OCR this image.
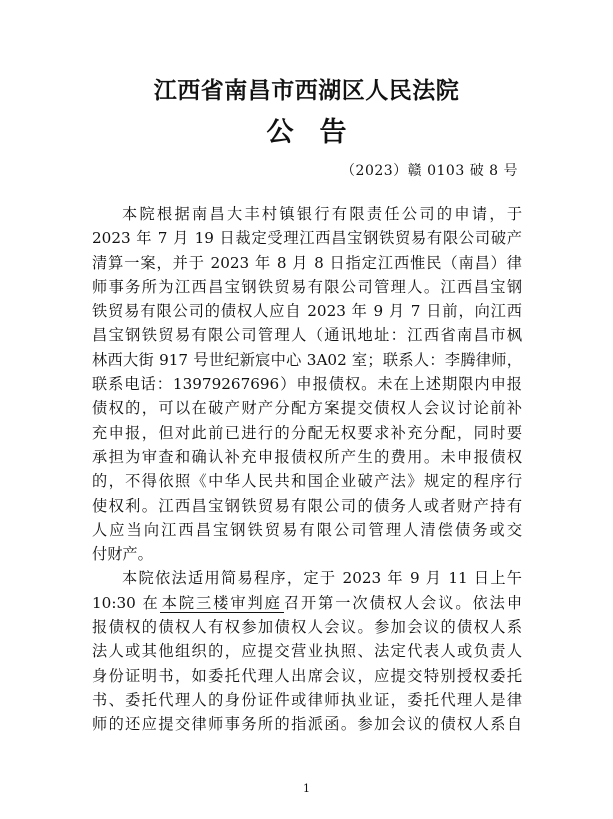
江西省南昌市西湖区人民法院
公告
（2023）赣 0103 破 8 号
本院根据南昌大丰村镇银行有限责任公司的申请，于
2023 年 7 月 19 日裁定受理江西昌宝钢铁贸易有限公司破产
清算一案，并于 2023 年 8 月 8 日指定江西惟民（南昌）律
师事务所为江西昌宝钢铁贸易有限公司管理人。江西昌宝钢
铁贸易有限公司的债权人应自 2023 年 9 月 7 日前，向江西
昌宝钢铁贸易有限公司管理人（通讯地址：江西省南昌市枫
林西大街 917 号世纪新宸中心 3A02 室；联系人：李腾律师，
联系电话：13979267696）申报债权。未在上述期限内申报
债权的，可以在破产财产分配方案提交债权人会议讨论前补
充申报，但对此前已进行的分配无权要求补充分配，同时要
承担为审查和确认补充申报债权所产生的费用。未申报债权
的，不得依照《中华人民共和国企业破产法》规定的程序行
使权利。江西昌宝钢铁贸易有限公司的债务人或者财产持有
人应当向江西昌宝钢铁贸易有限公司管理人清偿债务或交
付财产。
本院依法适用简易程序，定于 2023 年 9 月 11 日上午
10:30 在 本院三楼审判庭 召开第一次债权人会议。依法申
报债权的债权人有权参加债权人会议。参加会议的债权人系
法人或其他组织的，应提交营业执照、法定代表人或负责人
身份证明书，如委托代理人出席会议，应提交特别授权委托
书、委托代理人的身份证件或律师执业证，委托代理人是律
师的还应提交律师事务所的指派函。参加会议的债权人系自
1
